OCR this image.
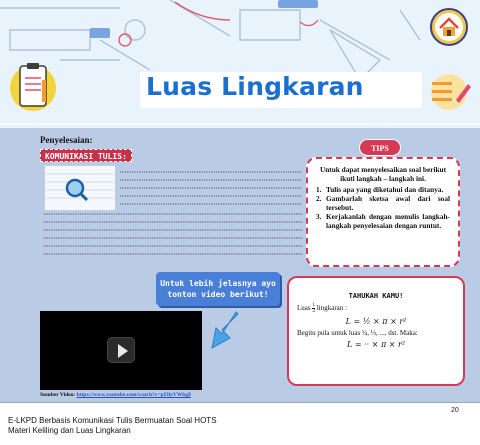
Luas Lingkaran
Penyelesaian:
KOMUNIKASI TULIS:
TIPS
Untuk dapat menyelesaikan soal berikut ikuti langkah – langkah ini.
1. Tulis apa yang diketahui dan ditanya.
2. Gambarlah sketsa awal dari soal tersebut.
3. Kerjakanlah dengan menulis langkah-langkah penyelesaian dengan runtut.
Untuk lebih jelasnya ayo tonton video berikut!
Sumber Video: https://www.youtube.com/watch?v=pI3lyVWlqjI
TAHUKAH KAMU!
Luas $\frac{1}{2}$ lingkaran :
L = ½ × π × r²
Begitu pula untuk luas ¼, ⅓, ..., dst. Maka:
L = ·· × π × r²
20
E-LKPD Berbasis Komunikasi Tulis Bermuatan Soal HOTS
Materi Keliling dan Luas Lingkaran
